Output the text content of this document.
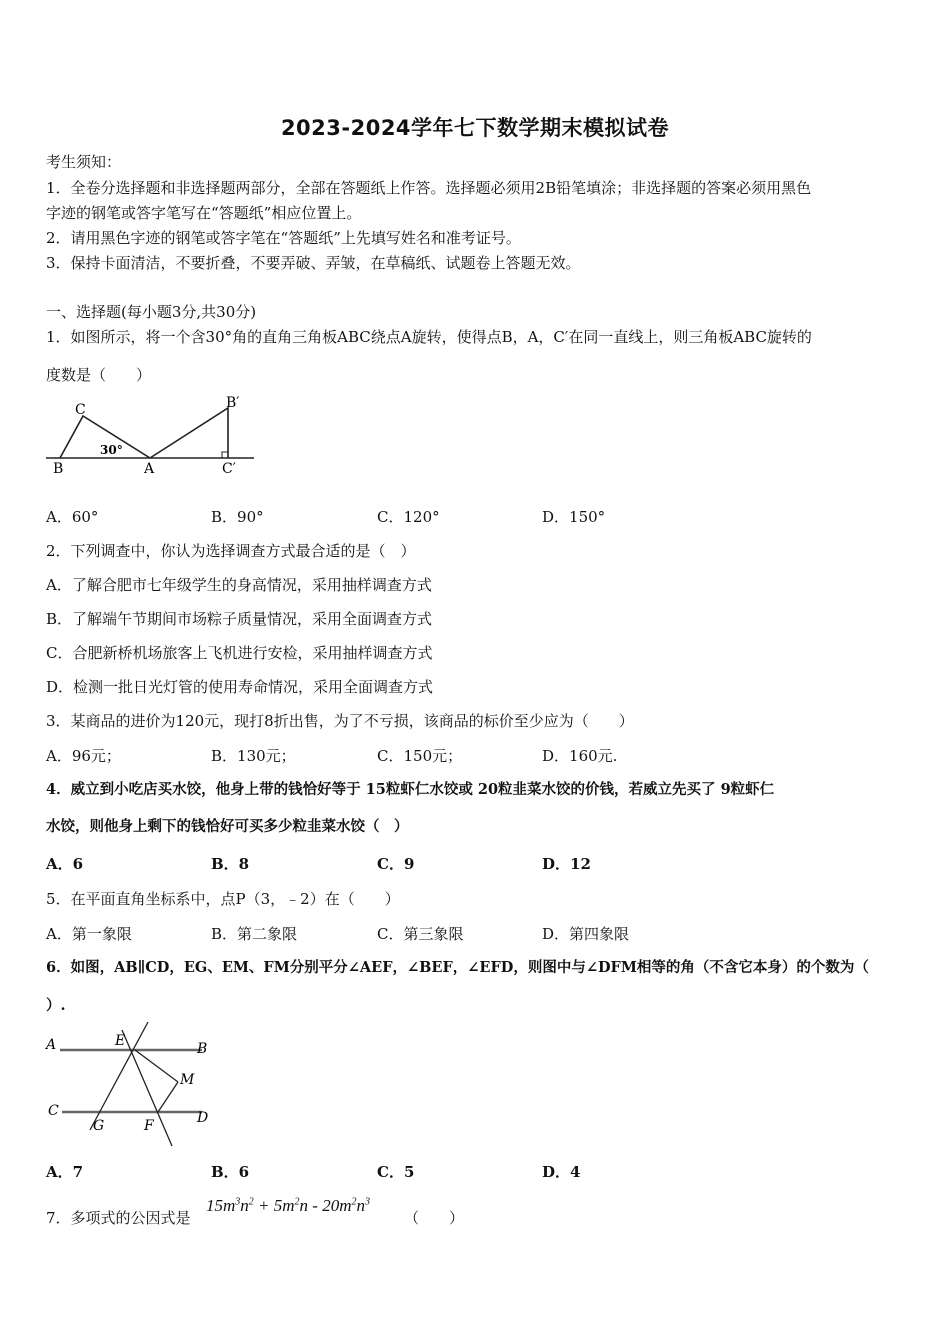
2023-2024学年七下数学期末模拟试卷
考生须知：
1．全卷分选择题和非选择题两部分，全部在答题纸上作答。选择题必须用2B铅笔填涂；非选择题的答案必须用黑色
字迹的钢笔或答字笔写在“答题纸”相应位置上。
2．请用黑色字迹的钢笔或答字笔在“答题纸”上先填写姓名和准考证号。
3．保持卡面清洁，不要折叠，不要弄破、弄皱，在草稿纸、试题卷上答题无效。
一、选择题(每小题3分,共30分)
1．如图所示，将一个含30°角的直角三角板ABC绕点A旋转，使得点B，A，C′在同一直线上，则三角板ABC旋转的
度数是（　　）
C	B′
30°
B	A	C′
A．60°	B．90°	C．120°	D．150°
2．下列调查中，你认为选择调查方式最合适的是（　）
A．了解合肥市七年级学生的身高情况，采用抽样调查方式
B．了解端午节期间市场粽子质量情况，采用全面调查方式
C．合肥新桥机场旅客上飞机进行安检，采用抽样调查方式
D．检测一批日光灯管的使用寿命情况，采用全面调查方式
3．某商品的进价为120元，现打8折出售，为了不亏损，该商品的标价至少应为（　　）
A．96元；	B．130元；	C．150元；	D．160元.
4．威立到小吃店买水饺，他身上带的钱恰好等于 15粒虾仁水饺或 20粒韭菜水饺的价钱，若威立先买了 9粒虾仁
水饺，则他身上剩下的钱恰好可买多少粒韭菜水饺（　）
A．6	B．8	C．9	D．12
5．在平面直角坐标系中，点P（3，﹣2）在（　　）
A．第一象限	B．第二象限	C．第三象限	D．第四象限
6．如图，AB∥CD，EG、EM、FM分别平分∠AEF，∠BEF，∠EFD，则图中与∠DFM相等的角（不含它本身）的个数为（
）.
A	E	B
M
C
G	F	D
A．7	B．6	C．5	D．4
7．多项式的公因式是
$15m^3n^2 + 5m^2n - 20m^2n^3$
（　　）
